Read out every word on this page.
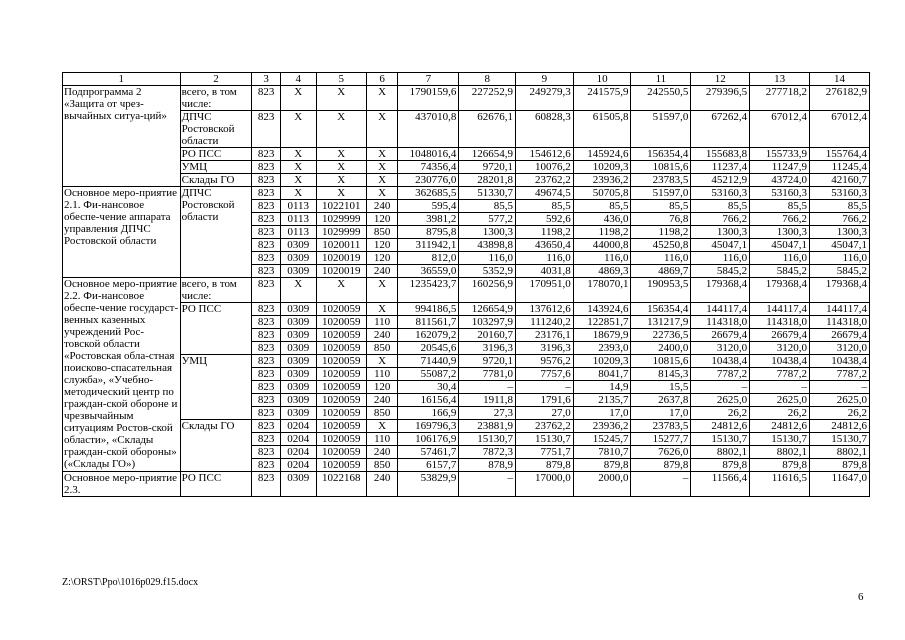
1	2	3	4	5	6	7	8	9	10	11	12	13	14
Подпрограмма 2 «Защита от чрез-вычайных ситуа-ций»	всего, в том числе:	823	Х	Х	Х	1790159,6	227252,9	249279,3	241575,9	242550,5	279396,5	277718,2	276182,9
	ДПЧС Ростовской области	823	Х	Х	Х	437010,8	62676,1	60828,3	61505,8	51597,0	67262,4	67012,4	67012,4
	РО ПСС	823	Х	Х	Х	1048016,4	126654,9	154612,6	145924,6	156354,4	155683,8	155733,9	155764,4
	УМЦ	823	Х	Х	Х	74356,4	9720,1	10076,2	10209,3	10815,6	11237,4	11247,9	11245,4
	Склады ГО	823	Х	Х	Х	230776,0	28201,8	23762,2	23936,2	23783,5	45212,9	43724,0	42160,7
Основное меро-приятие 2.1. Фи-нансовое обеспе-чение аппарата управления ДПЧС Ростовской области	ДПЧС Ростовской области	823	Х	Х	Х	362685,5	51330,7	49674,5	50705,8	51597,0	53160,3	53160,3	53160,3
		823	0113	1022101	240	595,4	85,5	85,5	85,5	85,5	85,5	85,5	85,5
		823	0113	1029999	120	3981,2	577,2	592,6	436,0	76,8	766,2	766,2	766,2
		823	0113	1029999	850	8795,8	1300,3	1198,2	1198,2	1198,2	1300,3	1300,3	1300,3
		823	0309	1020011	120	311942,1	43898,8	43650,4	44000,8	45250,8	45047,1	45047,1	45047,1
		823	0309	1020019	120	812,0	116,0	116,0	116,0	116,0	116,0	116,0	116,0
		823	0309	1020019	240	36559,0	5352,9	4031,8	4869,3	4869,7	5845,2	5845,2	5845,2
Основное меро-приятие 2.2. Фи-нансовое обеспе-чение государст-венных казенных учреждений Рос-товской области «Ростовская обла-стная поисково-спасательная служба», «Учебно-методический центр по граждан-ской обороне и чрезвычайным ситуациям Ростов-ской области», «Склады граждан-ской обороны» («Склады ГО»)	всего, в том числе:	823	Х	Х	Х	1235423,7	160256,9	170951,0	178070,1	190953,5	179368,4	179368,4	179368,4
	РО ПСС	823	0309	1020059	Х	994186,5	126654,9	137612,6	143924,6	156354,4	144117,4	144117,4	144117,4
		823	0309	1020059	110	811561,7	103297,9	111240,2	122851,7	131217,9	114318,0	114318,0	114318,0
		823	0309	1020059	240	162079,2	20160,7	23176,1	18679,9	22736,5	26679,4	26679,4	26679,4
		823	0309	1020059	850	20545,6	3196,3	3196,3	2393,0	2400,0	3120,0	3120,0	3120,0
	УМЦ	823	0309	1020059	Х	71440,9	9720,1	9576,2	10209,3	10815,6	10438,4	10438,4	10438,4
		823	0309	1020059	110	55087,2	7781,0	7757,6	8041,7	8145,3	7787,2	7787,2	7787,2
		823	0309	1020059	120	30,4	–	–	14,9	15,5	–	–	–
		823	0309	1020059	240	16156,4	1911,8	1791,6	2135,7	2637,8	2625,0	2625,0	2625,0
		823	0309	1020059	850	166,9	27,3	27,0	17,0	17,0	26,2	26,2	26,2
	Склады ГО	823	0204	1020059	Х	169796,3	23881,9	23762,2	23936,2	23783,5	24812,6	24812,6	24812,6
		823	0204	1020059	110	106176,9	15130,7	15130,7	15245,7	15277,7	15130,7	15130,7	15130,7
		823	0204	1020059	240	57461,7	7872,3	7751,7	7810,7	7626,0	8802,1	8802,1	8802,1
		823	0204	1020059	850	6157,7	878,9	879,8	879,8	879,8	879,8	879,8	879,8
Основное меро-приятие 2.3.	РО ПСС	823	0309	1022168	240	53829,9	–	17000,0	2000,0	–	11566,4	11616,5	11647,0
Z:\ORST\Ppo\1016p029.f15.docx
6
